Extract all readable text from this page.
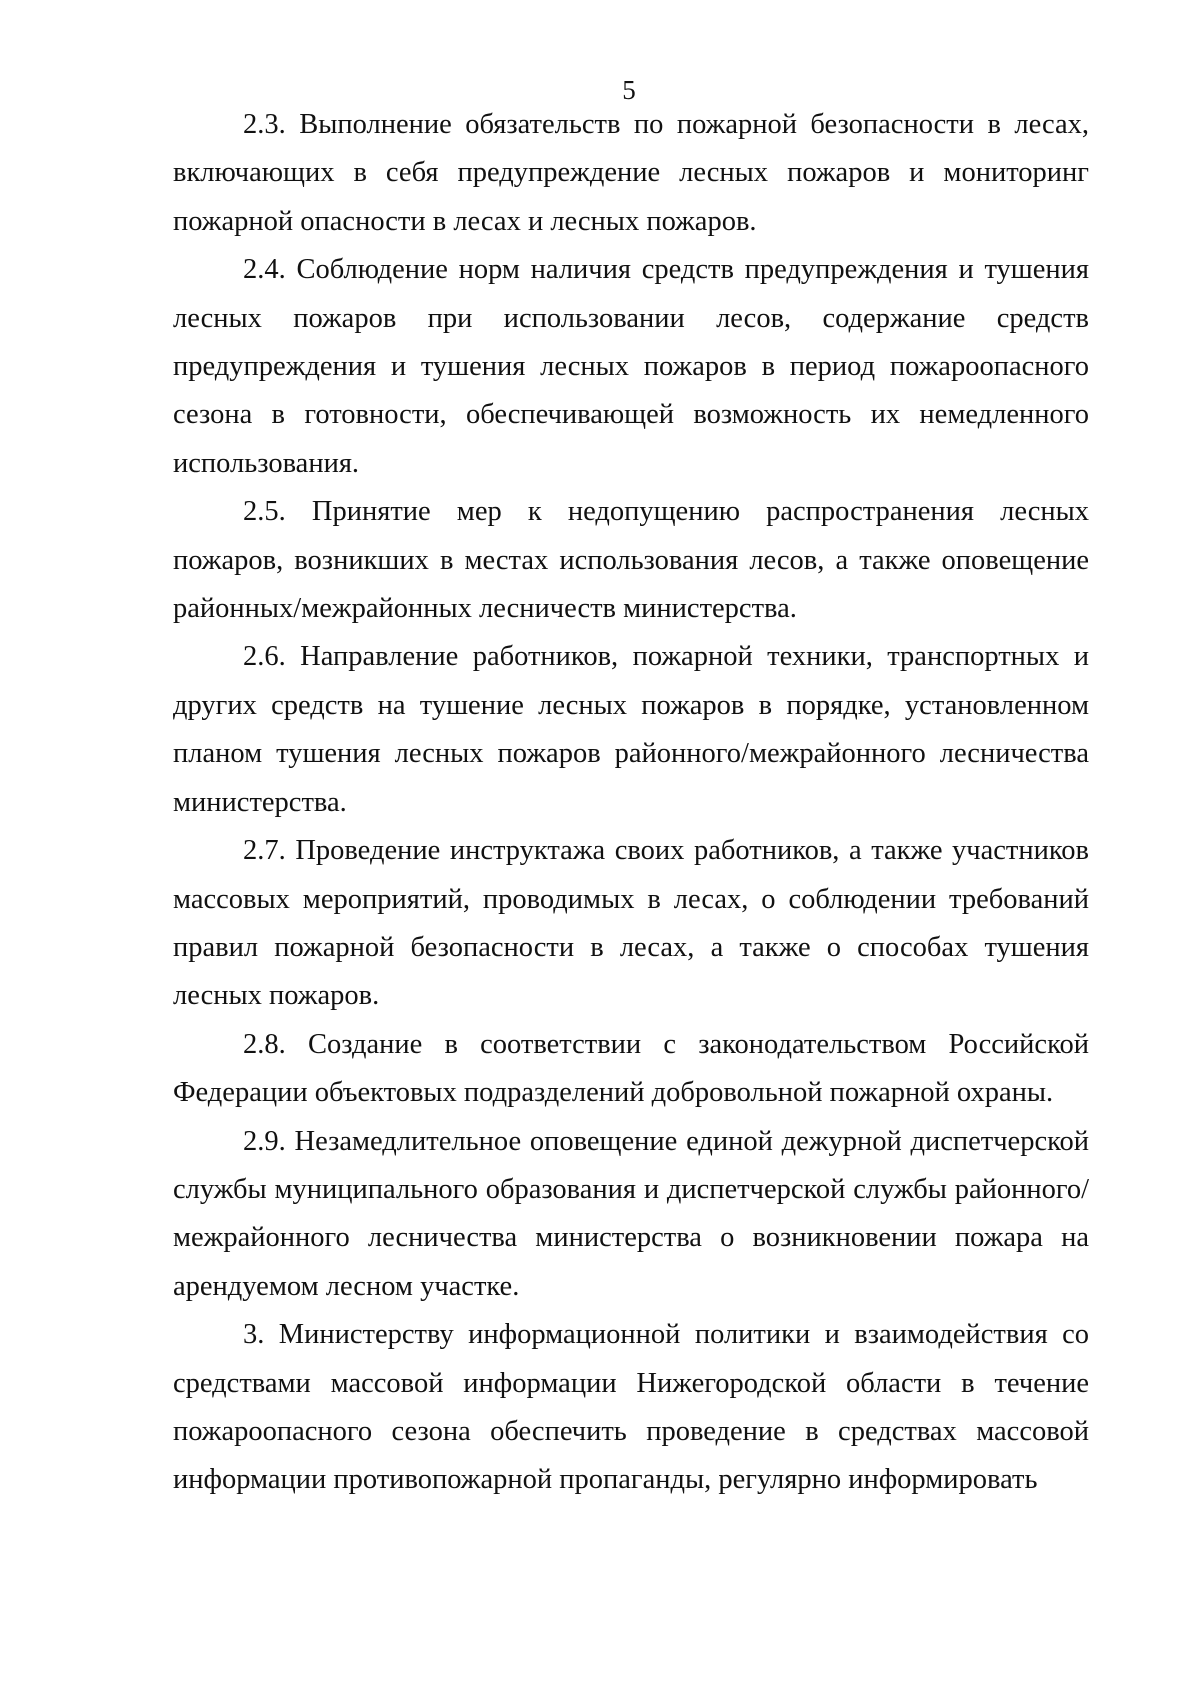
5

2.3. Выполнение обязательств по пожарной безопасности в лесах, включающих в себя предупреждение лесных пожаров и мониторинг пожарной опасности в лесах и лесных пожаров.

2.4. Соблюдение норм наличия средств предупреждения и тушения лесных пожаров при использовании лесов, содержание средств предупреждения и тушения лесных пожаров в период пожароопасного сезона в готовности, обеспечивающей возможность их немедленного использования.

2.5. Принятие мер к недопущению распространения лесных пожаров, возникших в местах использования лесов, а также оповещение районных/межрайонных лесничеств министерства.

2.6. Направление работников, пожарной техники, транспортных и других средств на тушение лесных пожаров в порядке, установленном планом тушения лесных пожаров районного/межрайонного лесничества министерства.

2.7. Проведение инструктажа своих работников, а также участников массовых мероприятий, проводимых в лесах, о соблюдении требований правил пожарной безопасности в лесах, а также о способах тушения лесных пожаров.

2.8. Создание в соответствии с законодательством Российской Федерации объектовых подразделений добровольной пожарной охраны.

2.9. Незамедлительное оповещение единой дежурной диспетчерской службы муниципального образования и диспетчерской службы районного/межрайонного лесничества министерства о возникновении пожара на арендуемом лесном участке.

3. Министерству информационной политики и взаимодействия со средствами массовой информации Нижегородской области в течение пожароопасного сезона обеспечить проведение в средствах массовой информации противопожарной пропаганды, регулярно информировать
